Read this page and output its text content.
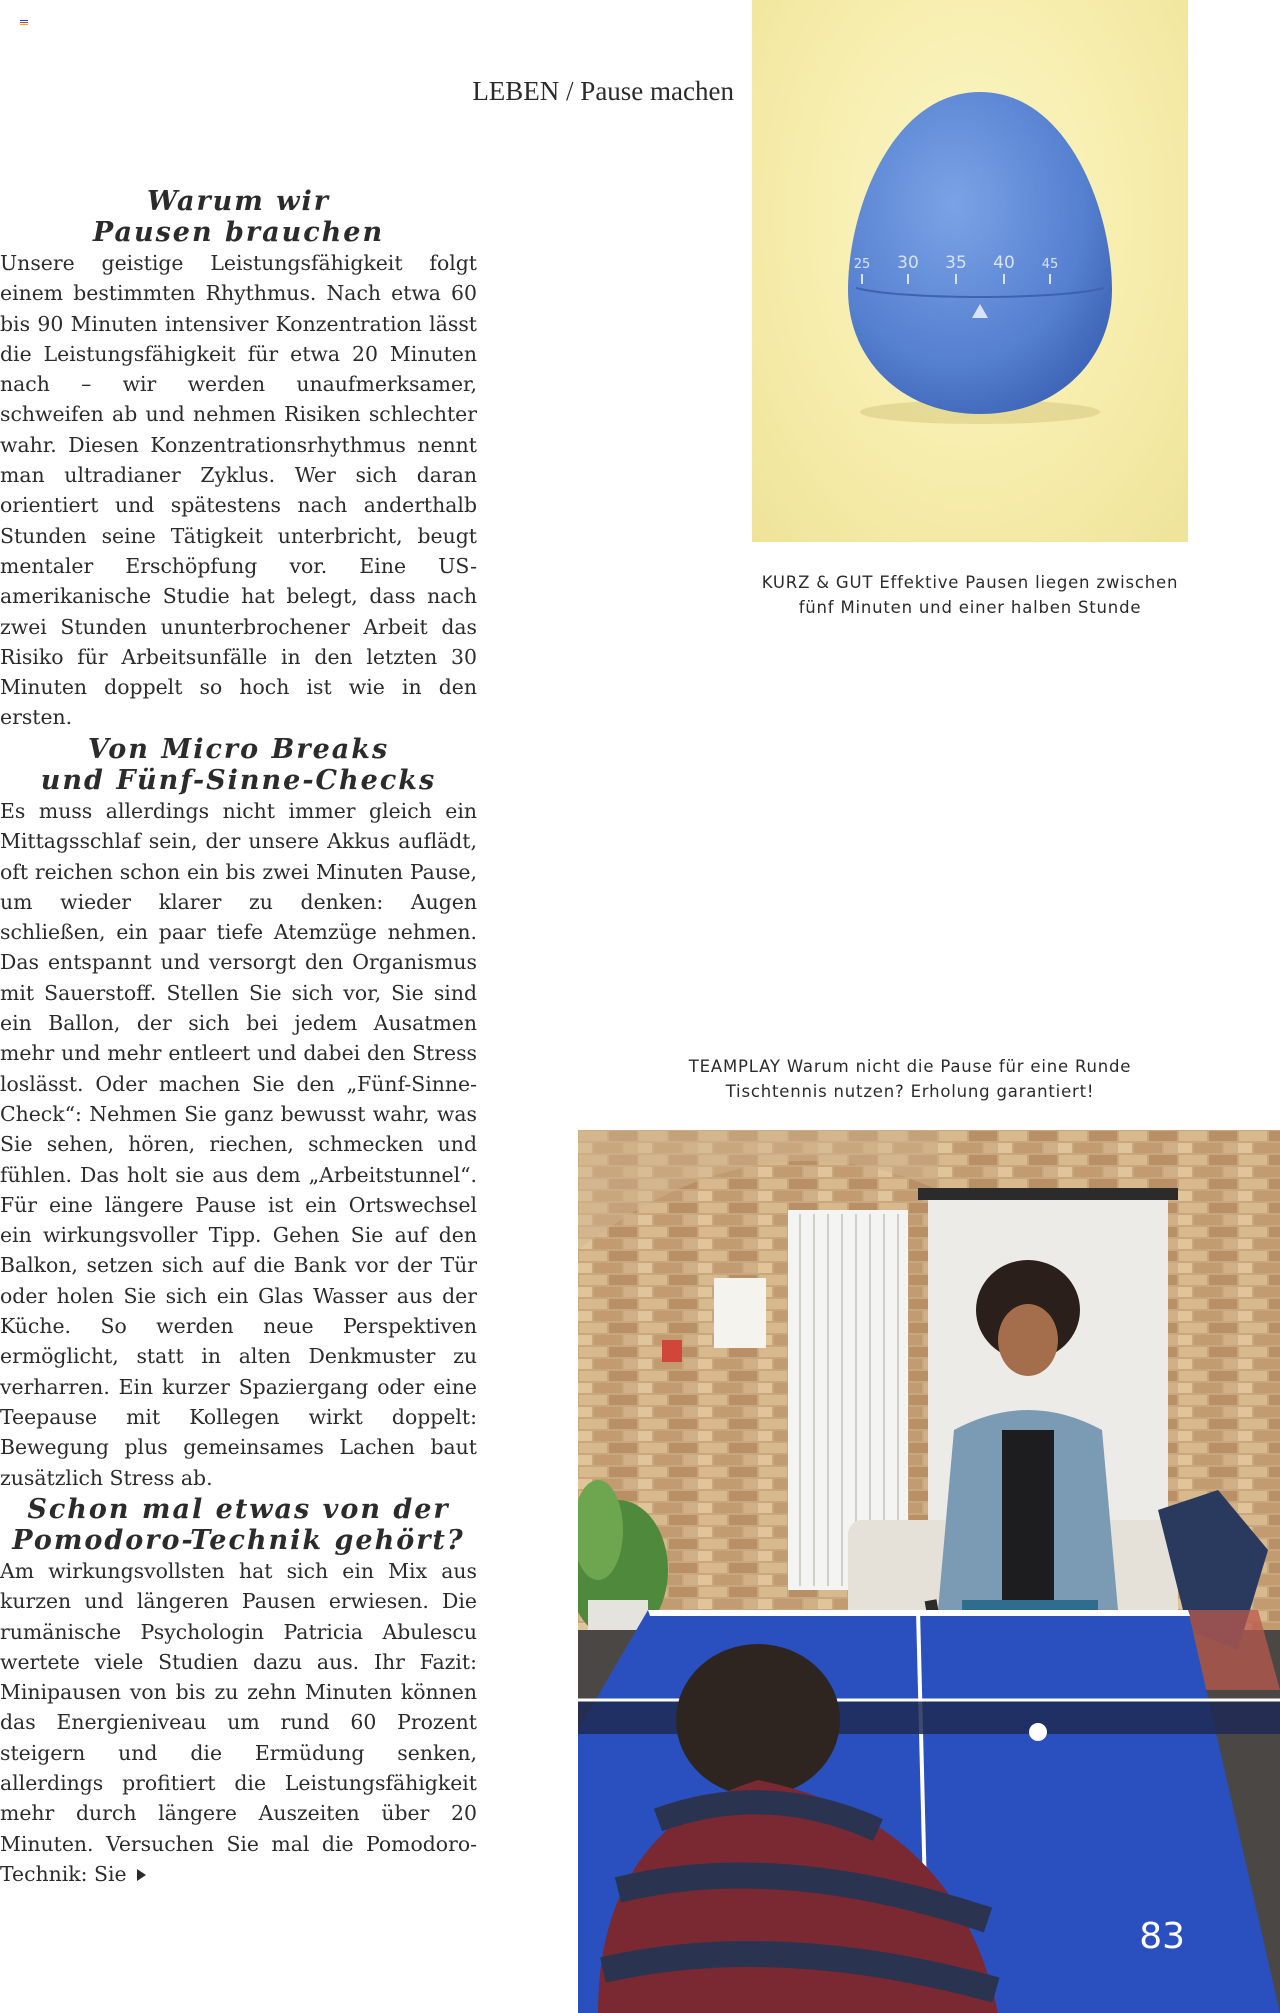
LEBEN / Pause machen
Warum wir
Pausen brauchen

Unsere geistige Leistungsfähigkeit folgt einem bestimmten Rhythmus. Nach etwa 60 bis 90 Minuten intensiver Konzentration lässt die Leistungsfähigkeit für etwa 20 Minuten nach – wir werden unaufmerksamer, schweifen ab und nehmen Risiken schlechter wahr. Diesen Konzentrationsrhythmus nennt man ultradianer Zyklus. Wer sich daran orientiert und spätestens nach anderthalb Stunden seine Tätigkeit unterbricht, beugt mentaler Erschöpfung vor. Eine US-amerikanische Studie hat belegt, dass nach zwei Stunden ununterbrochener Arbeit das Risiko für Arbeitsunfälle in den letzten 30 Minuten doppelt so hoch ist wie in den ersten.

Von Micro Breaks
und Fünf-Sinne-Checks

Es muss allerdings nicht immer gleich ein Mittagsschlaf sein, der unsere Akkus auflädt, oft reichen schon ein bis zwei Minuten Pause, um wieder klarer zu denken: Augen schließen, ein paar tiefe Atemzüge nehmen. Das entspannt und versorgt den Organismus mit Sauerstoff. Stellen Sie sich vor, Sie sind ein Ballon, der sich bei jedem Ausatmen mehr und mehr entleert und dabei den Stress loslässt. Oder machen Sie den „Fünf-Sinne-Check“: Nehmen Sie ganz bewusst wahr, was Sie sehen, hören, riechen, schmecken und fühlen. Das holt sie aus dem „Arbeitstunnel“. Für eine längere Pause ist ein Ortswechsel ein wirkungsvoller Tipp. Gehen Sie auf den Balkon, setzen sich auf die Bank vor der Tür oder holen Sie sich ein Glas Wasser aus der Küche. So werden neue Perspektiven ermöglicht, statt in alten Denkmuster zu verharren. Ein kurzer Spaziergang oder eine Teepause mit Kollegen wirkt doppelt: Bewegung plus gemeinsames Lachen baut zusätzlich Stress ab.

Schon mal etwas von der
Pomodoro-Technik gehört?

Am wirkungsvollsten hat sich ein Mix aus kurzen und längeren Pausen erwiesen. Die rumänische Psychologin Patricia Abulescu wertete viele Studien dazu aus. Ihr Fazit: Minipausen von bis zu zehn Minuten können das Energieniveau um rund 60 Prozent steigern und die Ermüdung senken, allerdings profitiert die Leistungsfähigkeit mehr durch längere Auszeiten über 20 Minuten. Versuchen Sie mal die Pomodoro-Technik: Sie

25 30 35 40 45

KURZ & GUT Effektive Pausen liegen zwischen
fünf Minuten und einer halben Stunde

TEAMPLAY Warum nicht die Pause für eine Runde
Tischtennis nutzen? Erholung garantiert!

83
